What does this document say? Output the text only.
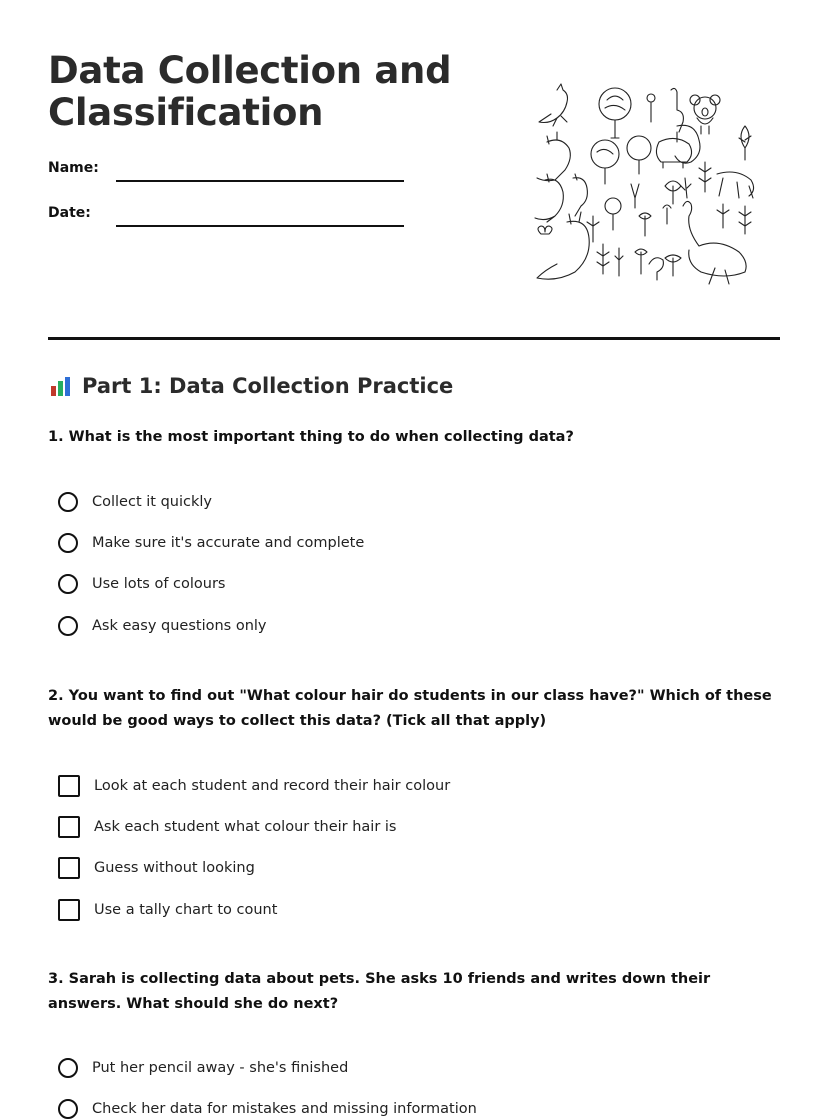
Data Collection and Classification
Name:
Date:
Part 1: Data Collection Practice

1. What is the most important thing to do when collecting data?

Collect it quickly
Make sure it's accurate and complete
Use lots of colours
Ask easy questions only

2. You want to find out "What colour hair do students in our class have?" Which of these would be good ways to collect this data? (Tick all that apply)

Look at each student and record their hair colour
Ask each student what colour their hair is
Guess without looking
Use a tally chart to count

3. Sarah is collecting data about pets. She asks 10 friends and writes down their answers. What should she do next?

Put her pencil away - she's finished
Check her data for mistakes and missing information
